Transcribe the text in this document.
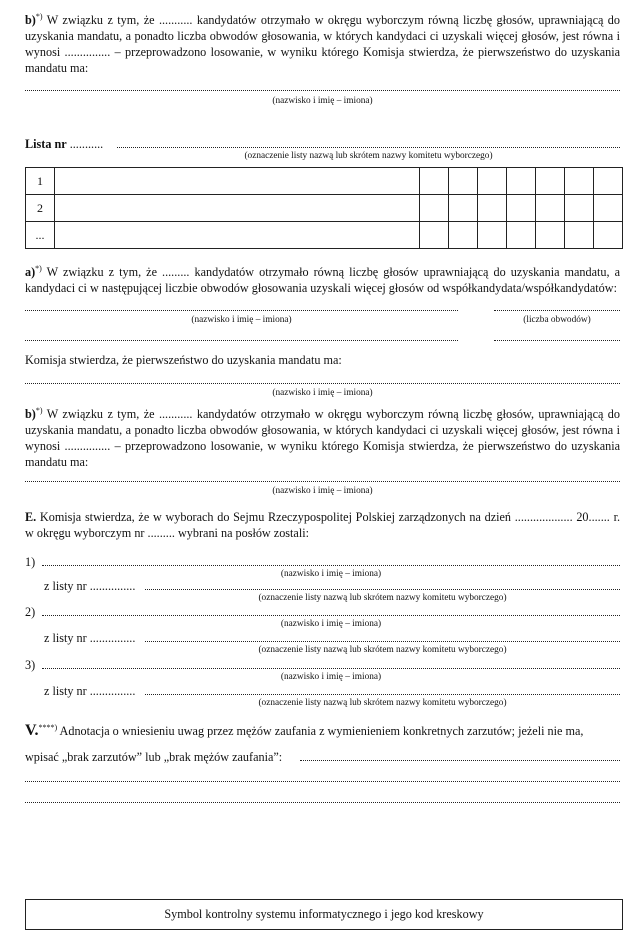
b)*) W związku z tym, że ........... kandydatów otrzymało w okręgu wyborczym równą liczbę głosów, uprawniającą do uzyskania mandatu, a ponadto liczba obwodów głosowania, w których kandydaci ci uzyskali więcej głosów, jest równa i wynosi ............... – przeprowadzono losowanie, w wyniku którego Komisja stwierdza, że pierwszeństwo do uzyskania mandatu ma:
(nazwisko i imię – imiona)
Lista nr ...........
(oznaczenie listy nazwą lub skrótem nazwy komitetu wyborczego)
1								
2								
...								
a)*) W związku z tym, że ......... kandydatów otrzymało równą liczbę głosów uprawniającą do uzyskania mandatu, a kandydaci ci w następującej liczbie obwodów głosowania uzyskali więcej głosów od współkandydata/współkandydatów:
(nazwisko i imię – imiona)	(liczba obwodów)
Komisja stwierdza, że pierwszeństwo do uzyskania mandatu ma:
(nazwisko i imię – imiona)
b)*) W związku z tym, że ........... kandydatów otrzymało w okręgu wyborczym równą liczbę głosów, uprawniającą do uzyskania mandatu, a ponadto liczba obwodów głosowania, w których kandydaci ci uzyskali więcej głosów, jest równa i wynosi ............... – przeprowadzono losowanie, w wyniku którego Komisja stwierdza, że pierwszeństwo do uzyskania mandatu ma:
(nazwisko i imię – imiona)
E. Komisja stwierdza, że w wyborach do Sejmu Rzeczypospolitej Polskiej zarządzonych na dzień ................... 20....... r. w okręgu wyborczym nr ......... wybrani na posłów zostali:
1)
(nazwisko i imię – imiona)
z listy nr ...............
(oznaczenie listy nazwą lub skrótem nazwy komitetu wyborczego)
2)
(nazwisko i imię – imiona)
z listy nr ...............
(oznaczenie listy nazwą lub skrótem nazwy komitetu wyborczego)
3)
(nazwisko i imię – imiona)
z listy nr ...............
(oznaczenie listy nazwą lub skrótem nazwy komitetu wyborczego)
V.****) Adnotacja o wniesieniu uwag przez mężów zaufania z wymienieniem konkretnych zarzutów; jeżeli nie ma,
wpisać „brak zarzutów” lub „brak mężów zaufania”:
Symbol kontrolny systemu informatycznego i jego kod kreskowy
